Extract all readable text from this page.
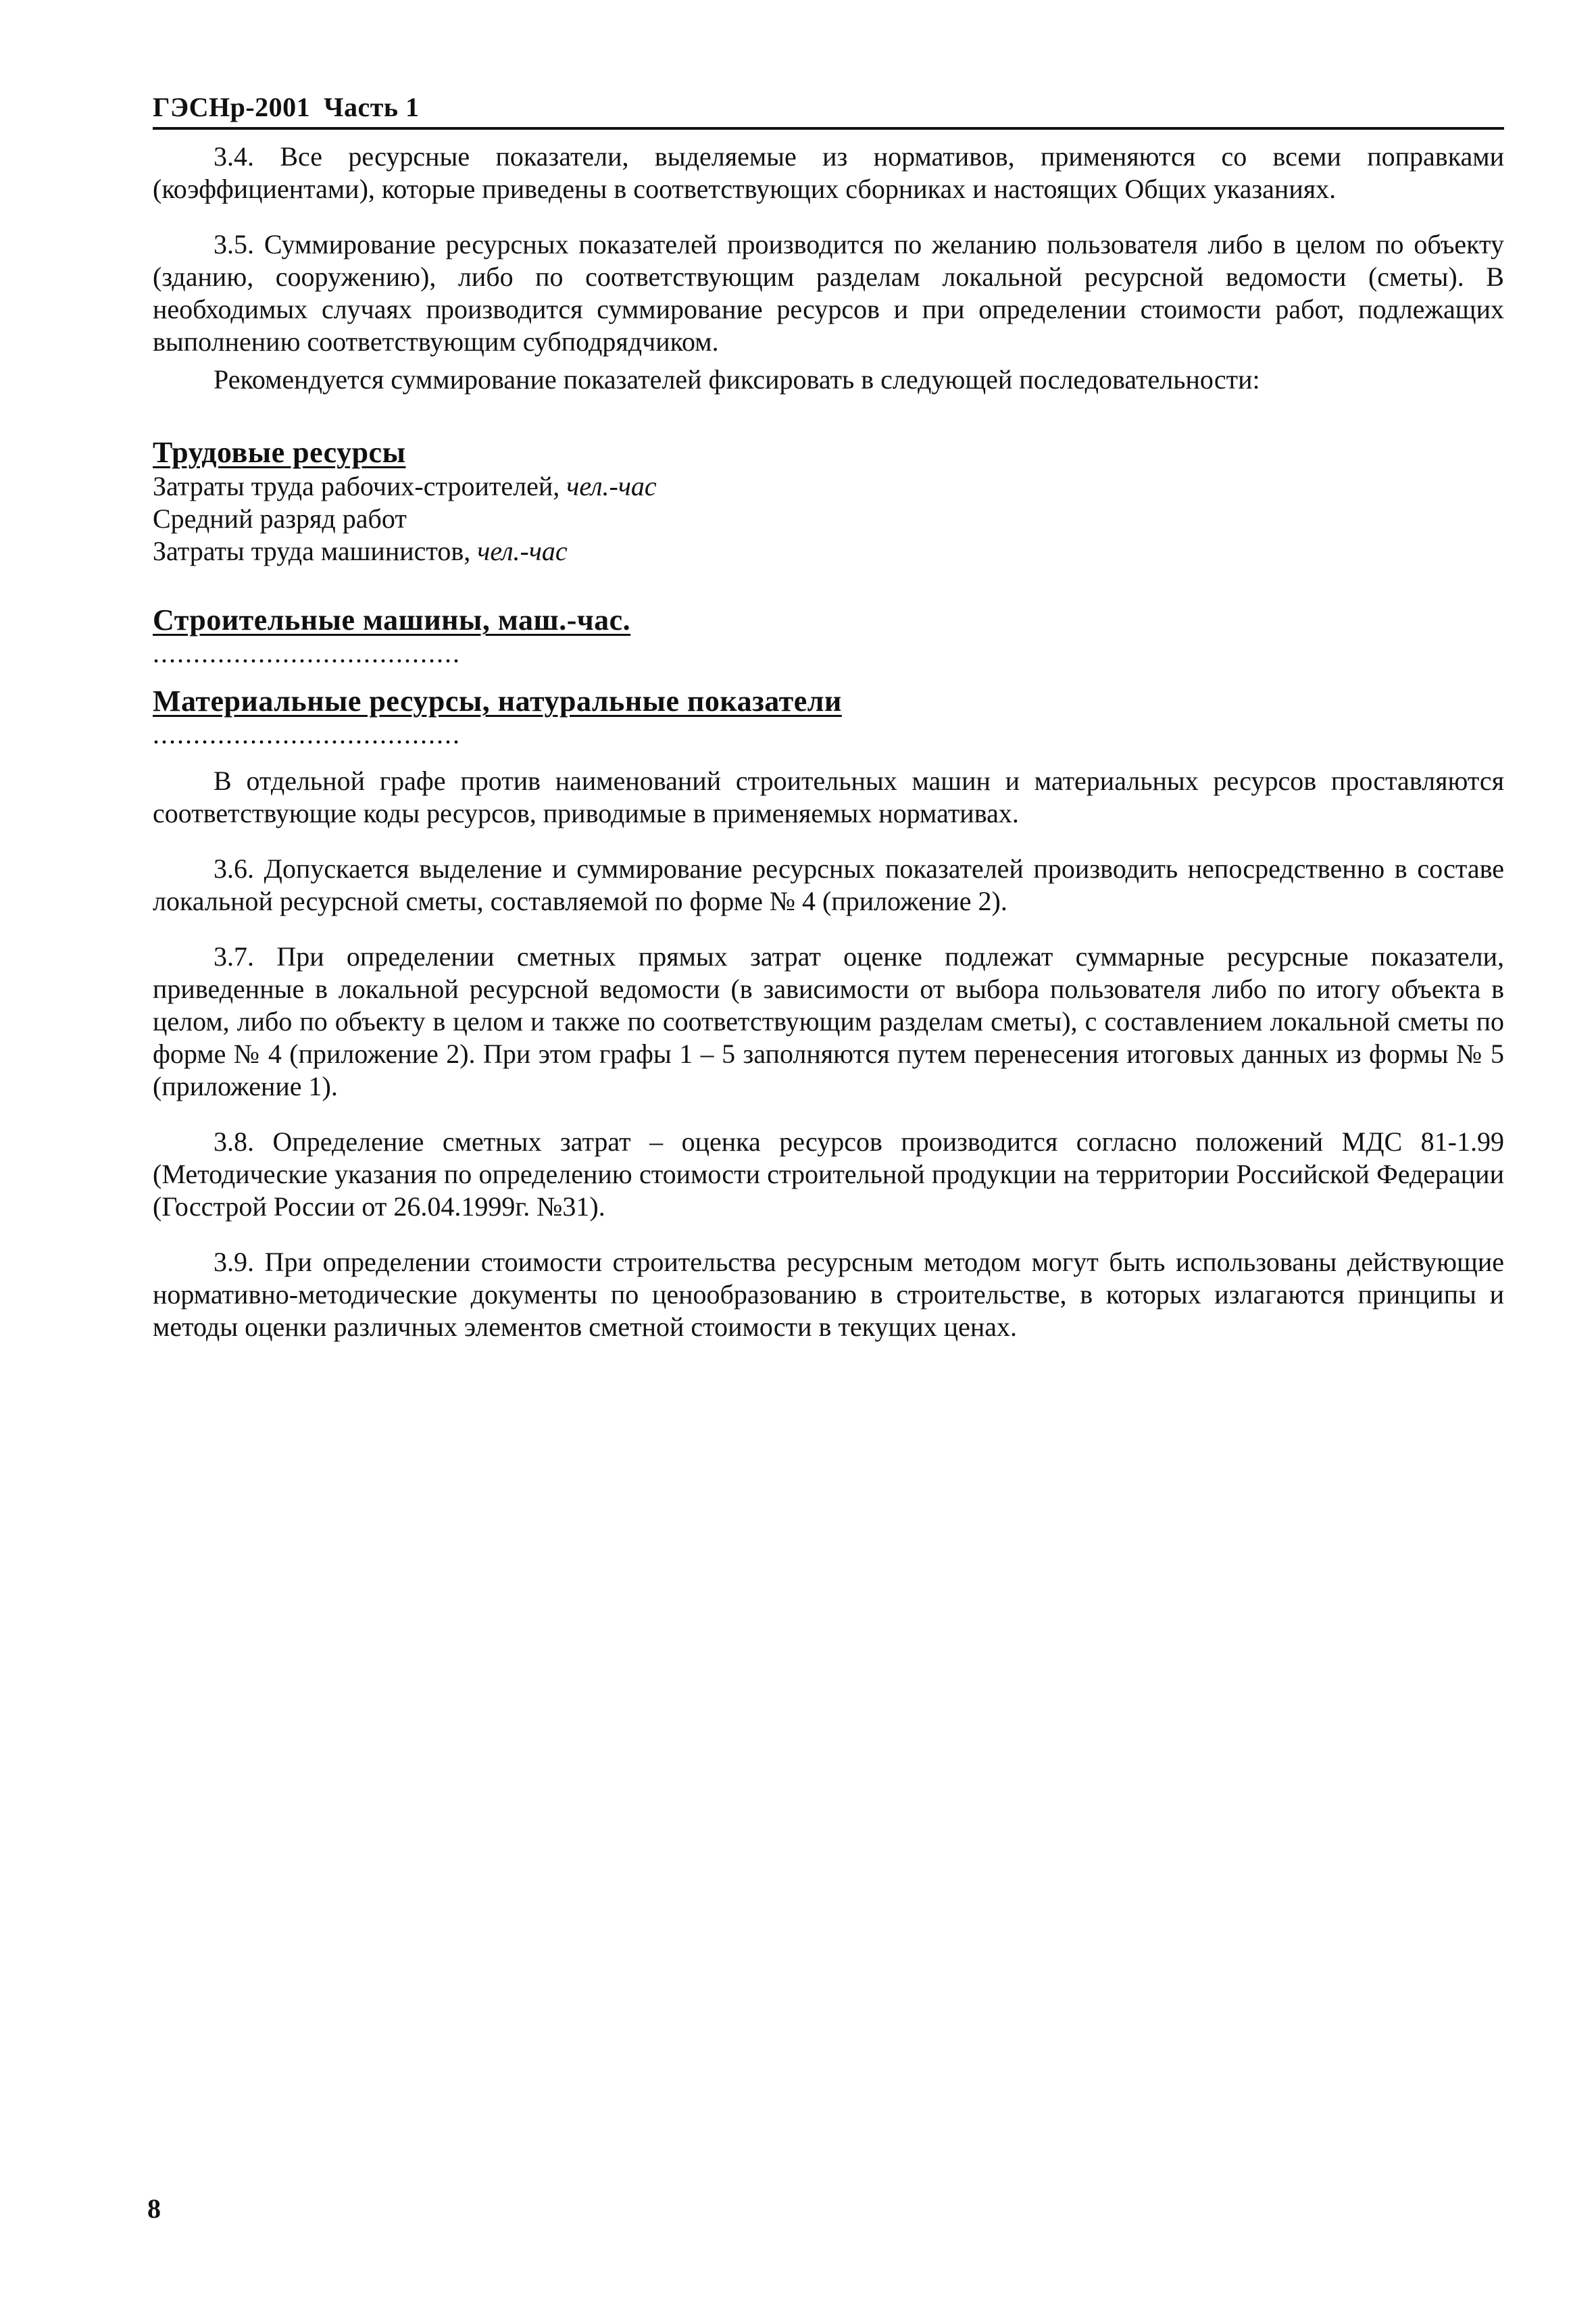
ГЭСНр-2001 Часть 1

3.4. Все ресурсные показатели, выделяемые из нормативов, применяются со всеми поправками (коэффициентами), которые приведены в соответствующих сборниках и настоящих Общих указаниях.

3.5. Суммирование ресурсных показателей производится по желанию пользователя либо в целом по объекту (зданию, сооружению), либо по соответствующим разделам локальной ресурсной ведомости (сметы). В необходимых случаях производится суммирование ресурсов и при определении стоимости работ, подлежащих выполнению соответствующим субподрядчиком.

Рекомендуется суммирование показателей фиксировать в следующей последовательности:

Трудовые ресурсы

Затраты труда рабочих-строителей, чел.-час

Средний разряд работ

Затраты труда машинистов, чел.-час

Строительные машины, маш.-час.

......................................

Материальные ресурсы, натуральные показатели

......................................

В отдельной графе против наименований строительных машин и материальных ресурсов проставляются соответствующие коды ресурсов, приводимые в применяемых нормативах.

3.6. Допускается выделение и суммирование ресурсных показателей производить непосредственно в составе локальной ресурсной сметы, составляемой по форме № 4 (приложение 2).

3.7. При определении сметных прямых затрат оценке подлежат суммарные ресурсные показатели, приведенные в локальной ресурсной ведомости (в зависимости от выбора пользователя либо по итогу объекта в целом, либо по объекту в целом и также по соответствующим разделам сметы), с составлением локальной сметы по форме № 4 (приложение 2). При этом графы 1 – 5 заполняются путем перенесения итоговых данных из формы № 5 (приложение 1).

3.8. Определение сметных затрат – оценка ресурсов производится согласно положений МДС 81-1.99 (Методические указания по определению стоимости строительной продукции на территории Российской Федерации (Госстрой России от 26.04.1999г. №31).

3.9. При определении стоимости строительства ресурсным методом могут быть использованы действующие нормативно-методические документы по ценообразованию в строительстве, в которых излагаются принципы и методы оценки различных элементов сметной стоимости в текущих ценах.

8
